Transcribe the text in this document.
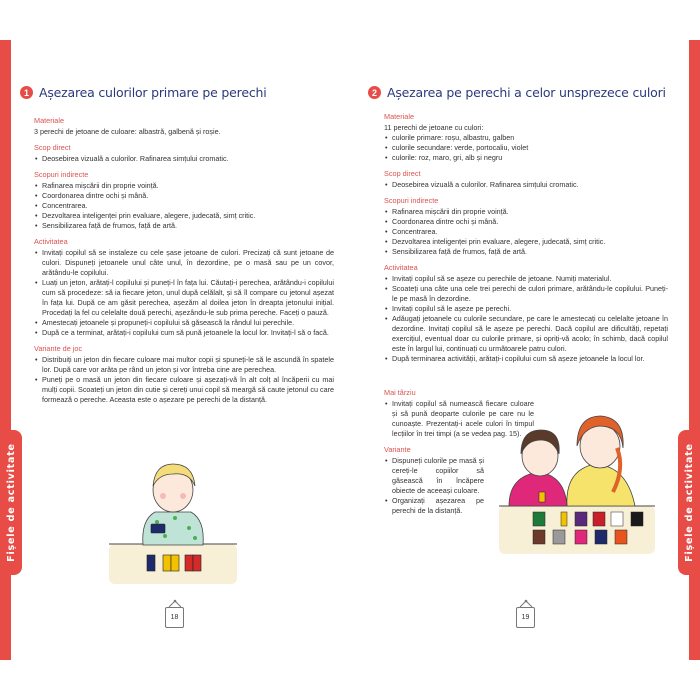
Fișele de activitate	Fișele de activitate
1 Așezarea culorilor primare pe perechi
Materiale

3 perechi de jetoane de culoare: albastră, galbenă și roșie.

Scop direct
• Deosebirea vizuală a culorilor. Rafinarea simțului cromatic.
Scopuri indirecte
• Rafinarea mișcării din proprie voință.
• Coordonarea dintre ochi și mână.
• Concentrarea.
• Dezvoltarea inteligenței prin evaluare, alegere, judecată, simț critic.
• Sensibilizarea față de frumos, față de artă.
Activitatea
• Invitați copilul să se instaleze cu cele șase jetoane de culori. Precizați că sunt jetoane de culori. Dispuneți jetoanele unul câte unul, în dezordine, pe o masă sau pe un covor, arătându-le copilului.
• Luați un jeton, arătați-l copilului și puneți-l în fața lui. Căutați-i perechea, arătându-i copilului cum să procedeze: să ia fiecare jeton, unul după celălalt, și să îl compare cu jetonul așezat în fața lui. După ce am găsit perechea, așezăm al doilea jeton în dreapta jetonului inițial. Procedați la fel cu celelalte două perechi, așezându-le sub prima pereche. Faceți o pauză.
• Amestecați jetoanele și propuneți-i copilului să găsească la rândul lui perechile.
• După ce a terminat, arătați-i copilului cum să pună jetoanele la locul lor. Invitați-l să o facă.
Variante de joc
• Distribuiți un jeton din fiecare culoare mai multor copii și spuneți-le să le ascundă în spatele lor. După care vor arăta pe rând un jeton și vor întreba cine are perechea.
• Puneți pe o masă un jeton din fiecare culoare și așezați-vă în alt colț al încăperii cu mai mulți copii. Scoateți un jeton din cutie și cereți unui copil să meargă să caute jetonul cu care formează o pereche. Aceasta este o așezare pe perechi de la distanță.
18
2 Așezarea pe perechi a celor unsprezece culori
Materiale

11 perechi de jetoane cu culori:

• culorile primare: roșu, albastru, galben
• culorile secundare: verde, portocaliu, violet
• culorile: roz, maro, gri, alb și negru
Scop direct
• Deosebirea vizuală a culorilor. Rafinarea simțului cromatic.
Scopuri indirecte
• Rafinarea mișcării din proprie voință.
• Coordonarea dintre ochi și mână.
• Concentrarea.
• Dezvoltarea inteligenței prin evaluare, alegere, judecată, simț critic.
• Sensibilizarea față de frumos, față de artă.
Activitatea
• Invitați copilul să se așeze cu perechile de jetoane. Numiți materialul.
• Scoateți una câte una cele trei perechi de culori primare, arătându-le copilului. Puneți-le pe masă în dezordine.
• Invitați copilul să le așeze pe perechi.
• Adăugați jetoanele cu culorile secundare, pe care le amestecați cu celelalte jetoane în dezordine. Invitați copilul să le așeze pe perechi. Dacă copilul are dificultăți, repetați exercițiul, eventual doar cu culorile primare, și opriți-vă acolo; în schimb, dacă copilul este în largul lui, continuați cu următoarele patru culori.
• După terminarea activității, arătați-i copilului cum să așeze jetoanele la locul lor.
Mai târziu
• Invitați copilul să numească fiecare culoare și să pună deoparte culorile pe care nu le cunoaște. Prezentați-i acele culori în timpul lecțiilor în trei timpi (a se vedea pag. 15).
Variante
• Dispuneți culorile pe masă și cereți-le copiilor să găsească în încăpere obiecte de aceeași culoare.
• Organizați așezarea pe perechi de la distanță.
19
